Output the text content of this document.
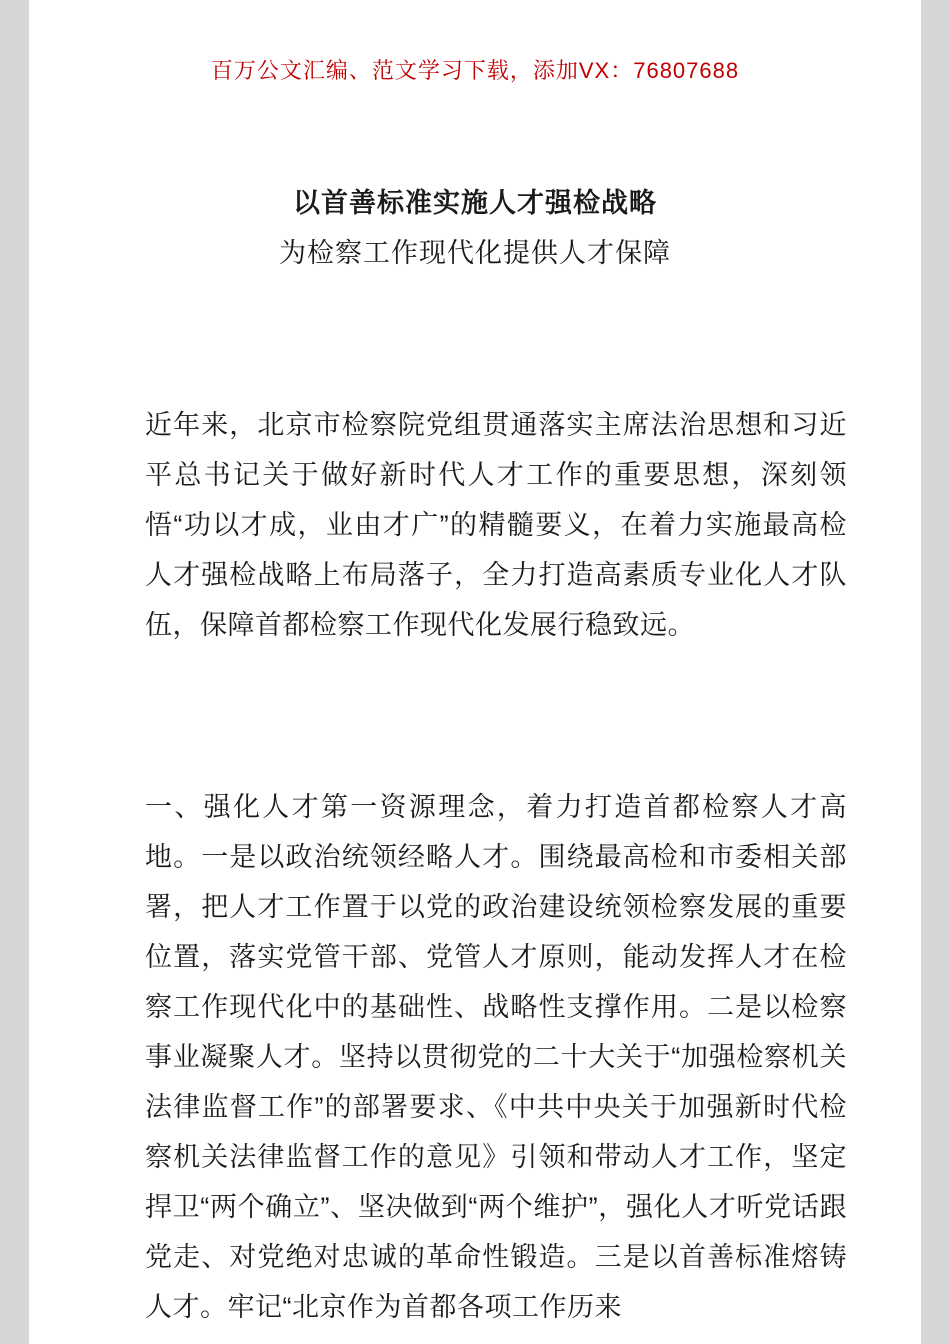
百万公文汇编、范文学习下载，添加VX：76807688
以首善标准实施人才强检战略
为检察工作现代化提供人才保障

近年来，北京市检察院党组贯通落实主席法治思想和习近平总书记关于做好新时代人才工作的重要思想，深刻领悟“功以才成，业由才广”的精髓要义，在着力实施最高检人才强检战略上布局落子，全力打造高素质专业化人才队伍，保障首都检察工作现代化发展行稳致远。

一、强化人才第一资源理念，着力打造首都检察人才高地。一是以政治统领经略人才。围绕最高检和市委相关部署，把人才工作置于以党的政治建设统领检察发展的重要位置，落实党管干部、党管人才原则，能动发挥人才在检察工作现代化中的基础性、战略性支撑作用。二是以检察事业凝聚人才。坚持以贯彻党的二十大关于“加强检察机关法律监督工作”的部署要求、《中共中央关于加强新时代检察机关法律监督工作的意见》引领和带动人才工作，坚定捍卫“两个确立”、坚决做到“两个维护”，强化人才听党话跟党走、对党绝对忠诚的革命性锻造。三是以首善标准熔铸人才。牢记“北京作为首都各项工作历来
